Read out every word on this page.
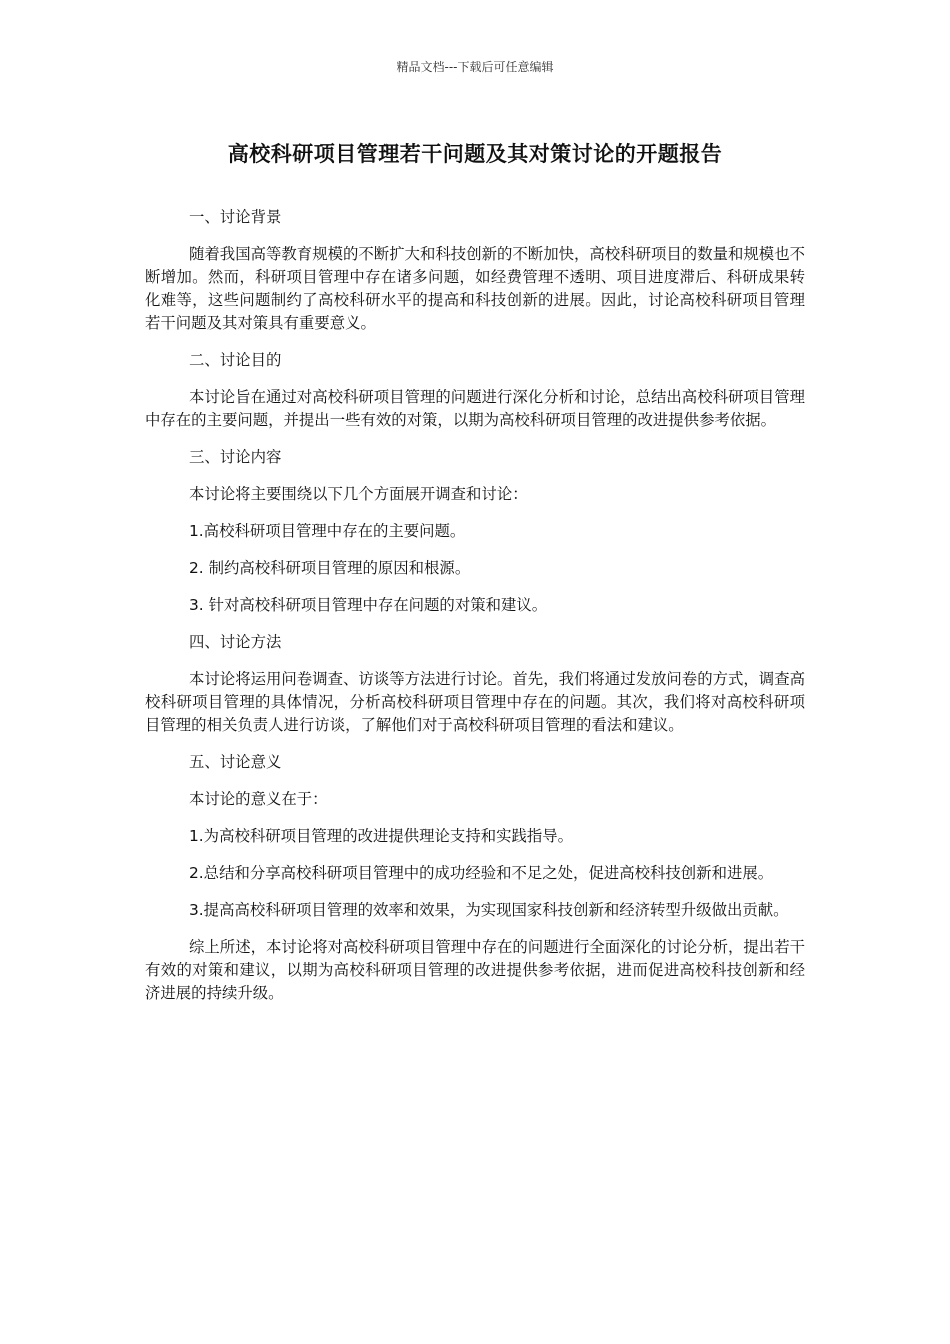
精品文档---下载后可任意编辑
高校科研项目管理若干问题及其对策讨论的开题报告

一、讨论背景

随着我国高等教育规模的不断扩大和科技创新的不断加快，高校科研项目的数量和规模也不断增加。然而，科研项目管理中存在诸多问题，如经费管理不透明、项目进度滞后、科研成果转化难等，这些问题制约了高校科研水平的提高和科技创新的进展。因此，讨论高校科研项目管理若干问题及其对策具有重要意义。

二、讨论目的

本讨论旨在通过对高校科研项目管理的问题进行深化分析和讨论，总结出高校科研项目管理中存在的主要问题，并提出一些有效的对策，以期为高校科研项目管理的改进提供参考依据。

三、讨论内容

本讨论将主要围绕以下几个方面展开调查和讨论：

1.高校科研项目管理中存在的主要问题。

2. 制约高校科研项目管理的原因和根源。

3. 针对高校科研项目管理中存在问题的对策和建议。

四、讨论方法

本讨论将运用问卷调查、访谈等方法进行讨论。首先，我们将通过发放问卷的方式，调查高校科研项目管理的具体情况，分析高校科研项目管理中存在的问题。其次，我们将对高校科研项目管理的相关负责人进行访谈，了解他们对于高校科研项目管理的看法和建议。

五、讨论意义

本讨论的意义在于：

1.为高校科研项目管理的改进提供理论支持和实践指导。

2.总结和分享高校科研项目管理中的成功经验和不足之处，促进高校科技创新和进展。

3.提高高校科研项目管理的效率和效果，为实现国家科技创新和经济转型升级做出贡献。

综上所述，本讨论将对高校科研项目管理中存在的问题进行全面深化的讨论分析，提出若干有效的对策和建议，以期为高校科研项目管理的改进提供参考依据，进而促进高校科技创新和经济进展的持续升级。
